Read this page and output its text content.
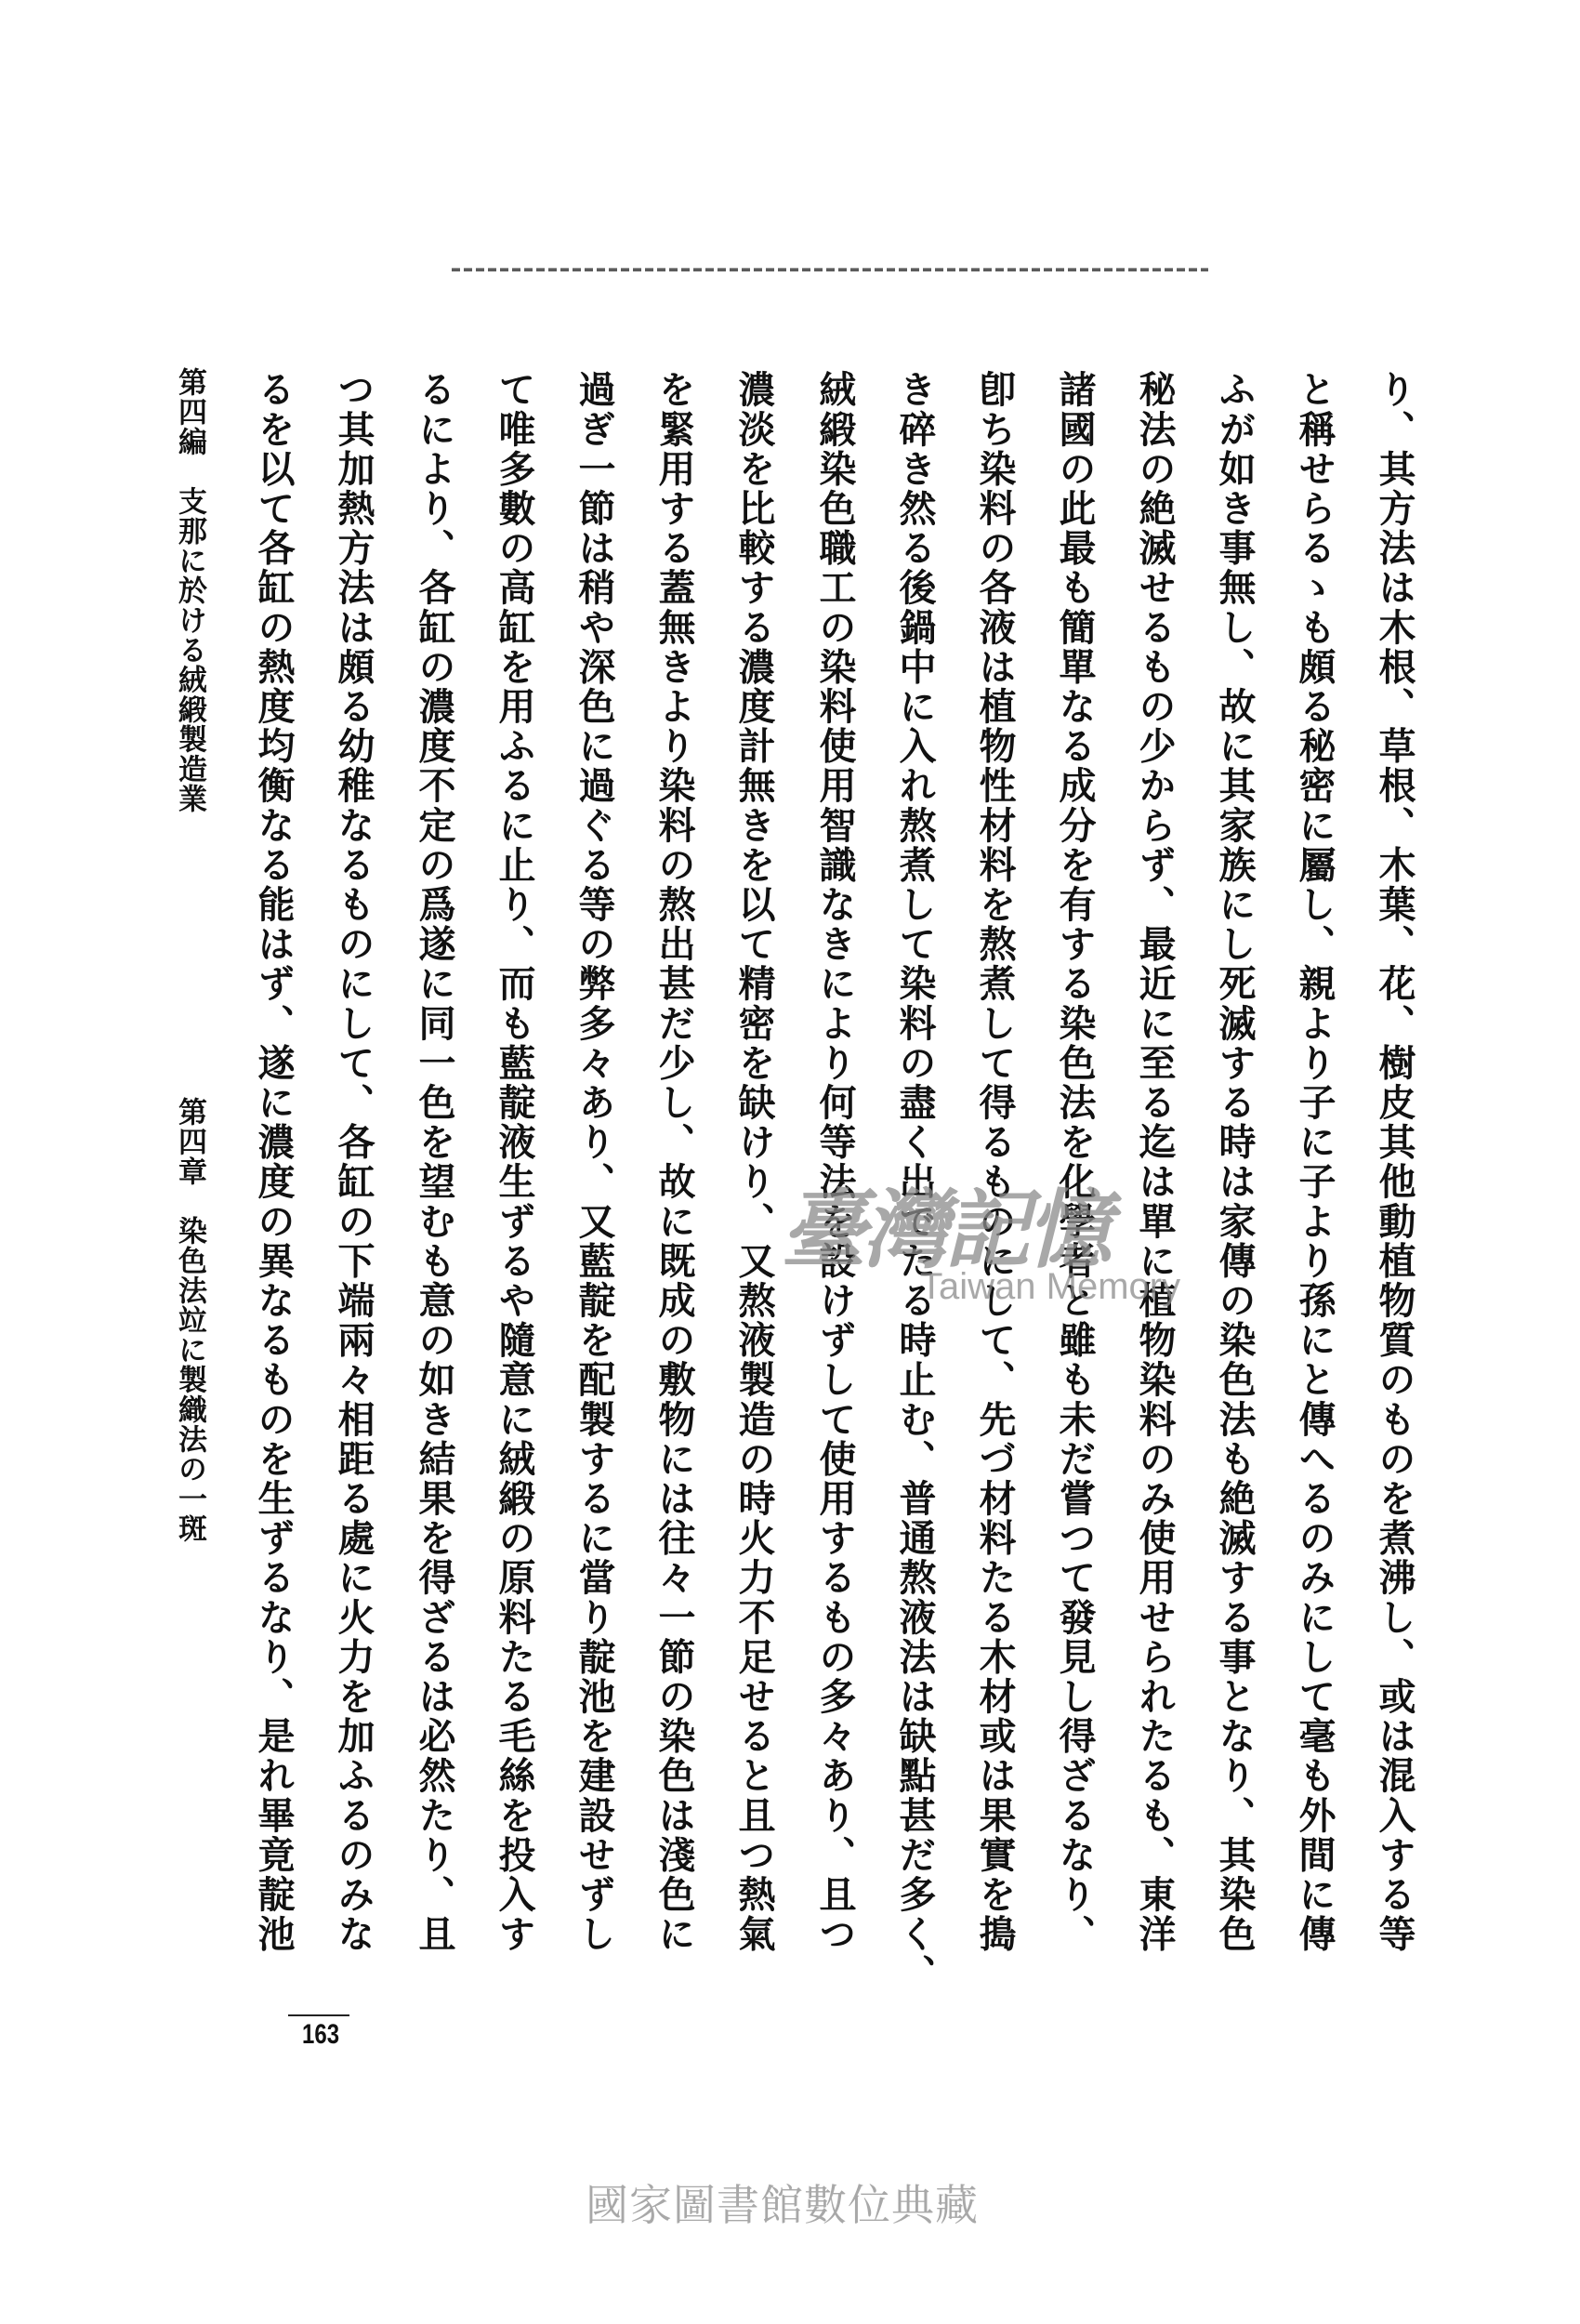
り、其方法は木根、草根、木葉、花、樹皮其他動植物質のものを煮沸し、或は混入する等
と稱せらるゝも頗る秘密に屬し、親より子に子より孫にと傳へるのみにして毫も外間に傳
ふが如き事無し、故に其家族にし死滅する時は家傳の染色法も絶滅する事となり、其染色
秘法の絶滅せるもの少からず、最近に至る迄は單に植物染料のみ使用せられたるも、東洋
諸國の此最も簡單なる成分を有する染色法を化學者と雖も未だ嘗つて發見し得ざるなり、
卽ち染料の各液は植物性材料を熬煮して得るものにして、先づ材料たる木材或は果實を搗
き碎き然る後鍋中に入れ熬煮して染料の盡く出でたる時止む、普通熬液法は缺點甚だ多く、
絨緞染色職工の染料使用智識なきにより何等法を設けずして使用するもの多々あり、且つ
濃淡を比較する濃度計無きを以て精密を缺けり、又熬液製造の時火力不足せると且つ熱氣
を緊用する蓋無きより染料の熬出甚だ少し、故に既成の敷物には往々一節の染色は淺色に
過ぎ一節は稍や深色に過ぐる等の弊多々あり、又藍靛を配製するに當り靛池を建設せずし
て唯多數の高缸を用ふるに止り、而も藍靛液生ずるや隨意に絨緞の原料たる毛絲を投入す
るにより、各缸の濃度不定の爲遂に同一色を望むも意の如き結果を得ざるは必然たり、且
つ其加熱方法は頗る幼稚なるものにして、各缸の下端兩々相距る處に火力を加ふるのみな
るを以て各缸の熱度均衡なる能はず、遂に濃度の異なるものを生ずるなり、是れ畢竟靛池
第四編　支那に於ける絨緞製造業
第四章　染色法竝に製織法の一斑
163
臺灣記憶
Taiwan Memory
國家圖書館數位典藏
